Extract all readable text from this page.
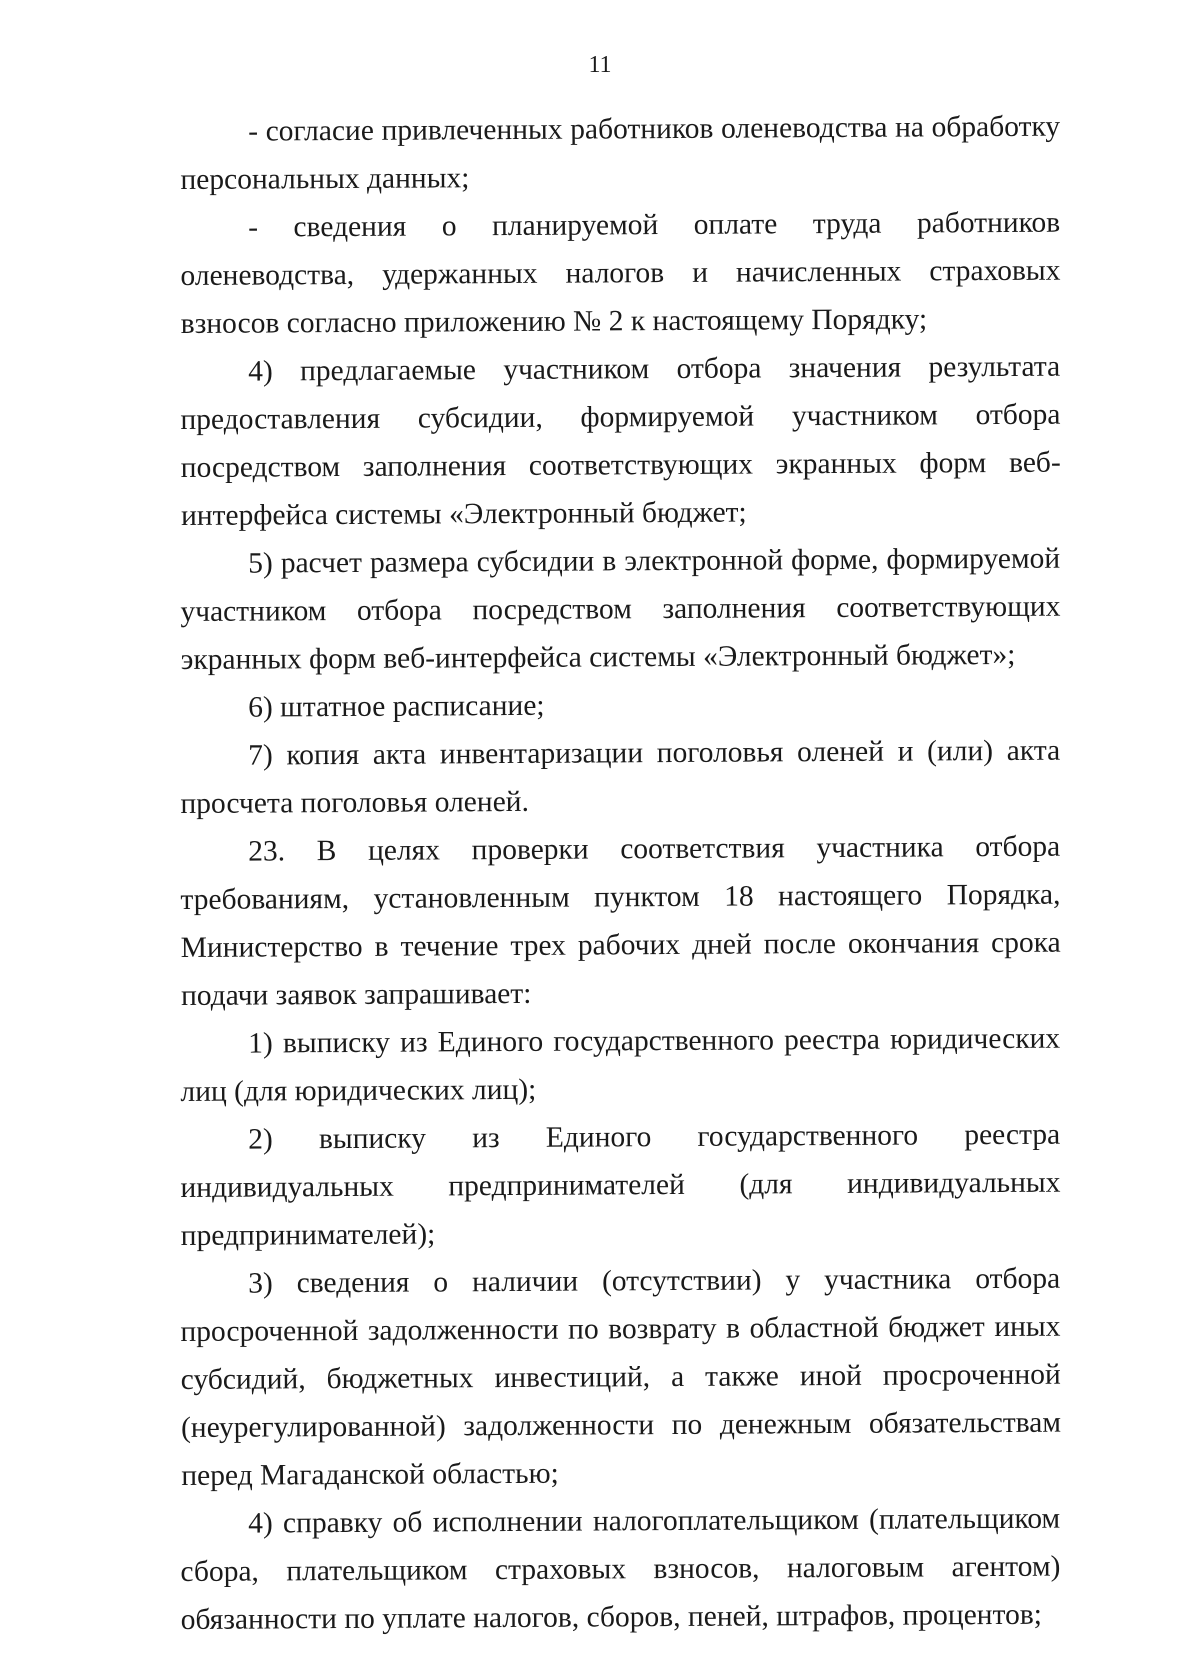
11

- согласие привлеченных работников оленеводства на обработку персональных данных;

- сведения о планируемой оплате труда работников оленеводства, удержанных налогов и начисленных страховых взносов согласно приложению № 2 к настоящему Порядку;

4) предлагаемые участником отбора значения результата предоставления субсидии, формируемой участником отбора посредством заполнения соответствующих экранных форм веб-интерфейса системы «Электронный бюджет;

5) расчет размера субсидии в электронной форме, формируемой участником отбора посредством заполнения соответствующих экранных форм веб-интерфейса системы «Электронный бюджет»;

6) штатное расписание;

7) копия акта инвентаризации поголовья оленей и (или) акта просчета поголовья оленей.

23. В целях проверки соответствия участника отбора требованиям, установленным пунктом 18 настоящего Порядка, Министерство в течение трех рабочих дней после окончания срока подачи заявок запрашивает:

1) выписку из Единого государственного реестра юридических лиц (для юридических лиц);

2) выписку из Единого государственного реестра индивидуальных предпринимателей (для индивидуальных предпринимателей);

3) сведения о наличии (отсутствии) у участника отбора просроченной задолженности по возврату в областной бюджет иных субсидий, бюджетных инвестиций, а также иной просроченной (неурегулированной) задолженности по денежным обязательствам перед Магаданской областью;

4) справку об исполнении налогоплательщиком (плательщиком сбора, плательщиком страховых взносов, налоговым агентом) обязанности по уплате налогов, сборов, пеней, штрафов, процентов;
